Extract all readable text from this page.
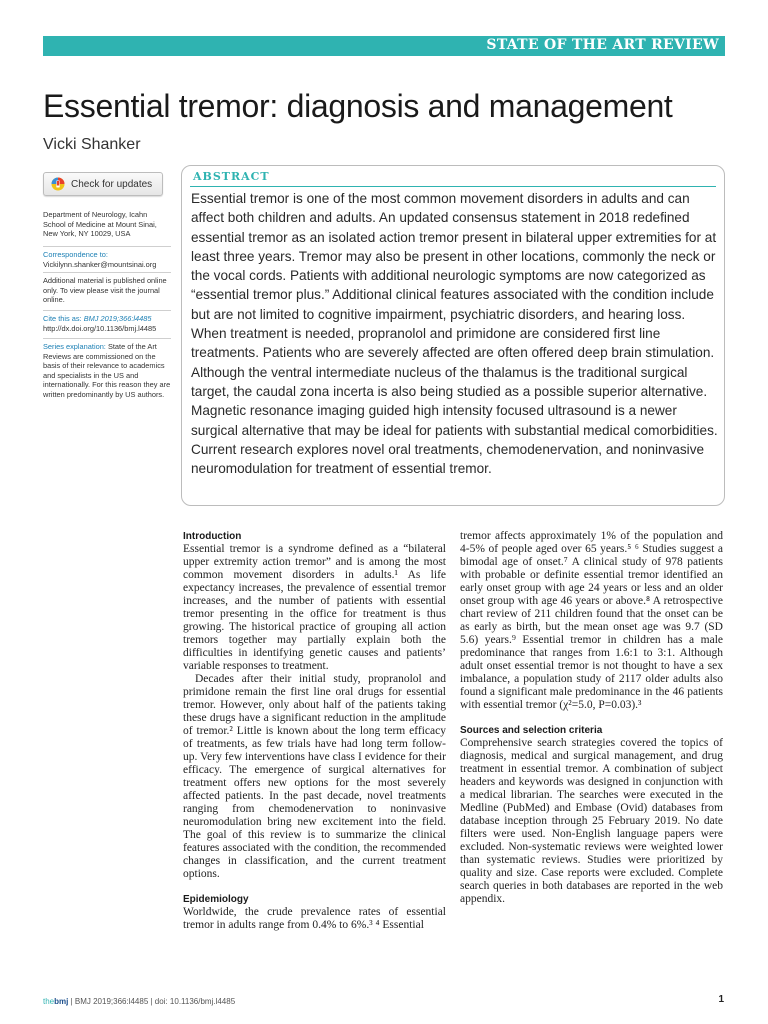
STATE OF THE ART REVIEW
Essential tremor: diagnosis and management
Vicki Shanker
Check for updates
Department of Neurology, Icahn School of Medicine at Mount Sinai, New York, NY 10029, USA
Correspondence to:
Vickilynn.shanker@mountsinai.org
Additional material is published online only. To view please visit the journal online.
Cite this as: BMJ 2019;366:l4485
http://dx.doi.org/10.1136/bmj.l4485
Series explanation: State of the Art Reviews are commissioned on the basis of their relevance to academics and specialists in the US and internationally. For this reason they are written predominantly by US authors.
ABSTRACT
Essential tremor is one of the most common movement disorders in adults and can affect both children and adults. An updated consensus statement in 2018 redefined essential tremor as an isolated action tremor present in bilateral upper extremities for at least three years. Tremor may also be present in other locations, commonly the neck or the vocal cords. Patients with additional neurologic symptoms are now categorized as “essential tremor plus.” Additional clinical features associated with the condition include but are not limited to cognitive impairment, psychiatric disorders, and hearing loss. When treatment is needed, propranolol and primidone are considered first line treatments. Patients who are severely affected are often offered deep brain stimulation. Although the ventral intermediate nucleus of the thalamus is the traditional surgical target, the caudal zona incerta is also being studied as a possible superior alternative. Magnetic resonance imaging guided high intensity focused ultrasound is a newer surgical alternative that may be ideal for patients with substantial medical comorbidities. Current research explores novel oral treatments, chemodenervation, and noninvasive neuromodulation for treatment of essential tremor.
Introduction

Essential tremor is a syndrome defined as a “bilateral upper extremity action tremor” and is among the most common movement disorders in adults.¹ As life expectancy increases, the prevalence of essential tremor increases, and the number of patients with essential tremor presenting in the office for treatment is thus growing. The historical practice of grouping all action tremors together may partially explain both the difficulties in identifying genetic causes and patients’ variable responses to treatment.

Decades after their initial study, propranolol and primidone remain the first line oral drugs for essential tremor. However, only about half of the patients taking these drugs have a significant reduction in the amplitude of tremor.² Little is known about the long term efficacy of treatments, as few trials have had long term follow-up. Very few interventions have class I evidence for their efficacy. The emergence of surgical alternatives for treatment offers new options for the most severely affected patients. In the past decade, novel treatments ranging from chemodenervation to noninvasive neuromodulation bring new excitement into the field. The goal of this review is to summarize the clinical features associated with the condition, the recommended changes in classification, and the current treatment options.

Epidemiology

Worldwide, the crude prevalence rates of essential tremor in adults range from 0.4% to 6%.³ ⁴ Essential

tremor affects approximately 1% of the population and 4-5% of people aged over 65 years.⁵ ⁶ Studies suggest a bimodal age of onset.⁷ A clinical study of 978 patients with probable or definite essential tremor identified an early onset group with age 24 years or less and an older onset group with age 46 years or above.⁸ A retrospective chart review of 211 children found that the onset can be as early as birth, but the mean onset age was 9.7 (SD 5.6) years.⁹ Essential tremor in children has a male predominance that ranges from 1.6:1 to 3:1. Although adult onset essential tremor is not thought to have a sex imbalance, a population study of 2117 older adults also found a significant male predominance in the 46 patients with essential tremor (χ²=5.0, P=0.03).³

Sources and selection criteria

Comprehensive search strategies covered the topics of diagnosis, medical and surgical management, and drug treatment in essential tremor. A combination of subject headers and keywords was designed in conjunction with a medical librarian. The searches were executed in the Medline (PubMed) and Embase (Ovid) databases from database inception through 25 February 2019. No date filters were used. Non-English language papers were excluded. Non-systematic reviews were weighted lower than systematic reviews. Studies were prioritized by quality and size. Case reports were excluded. Complete search queries in both databases are reported in the web appendix.

thebmj | BMJ 2019;366:l4485 | doi: 10.1136/bmj.l4485	1
